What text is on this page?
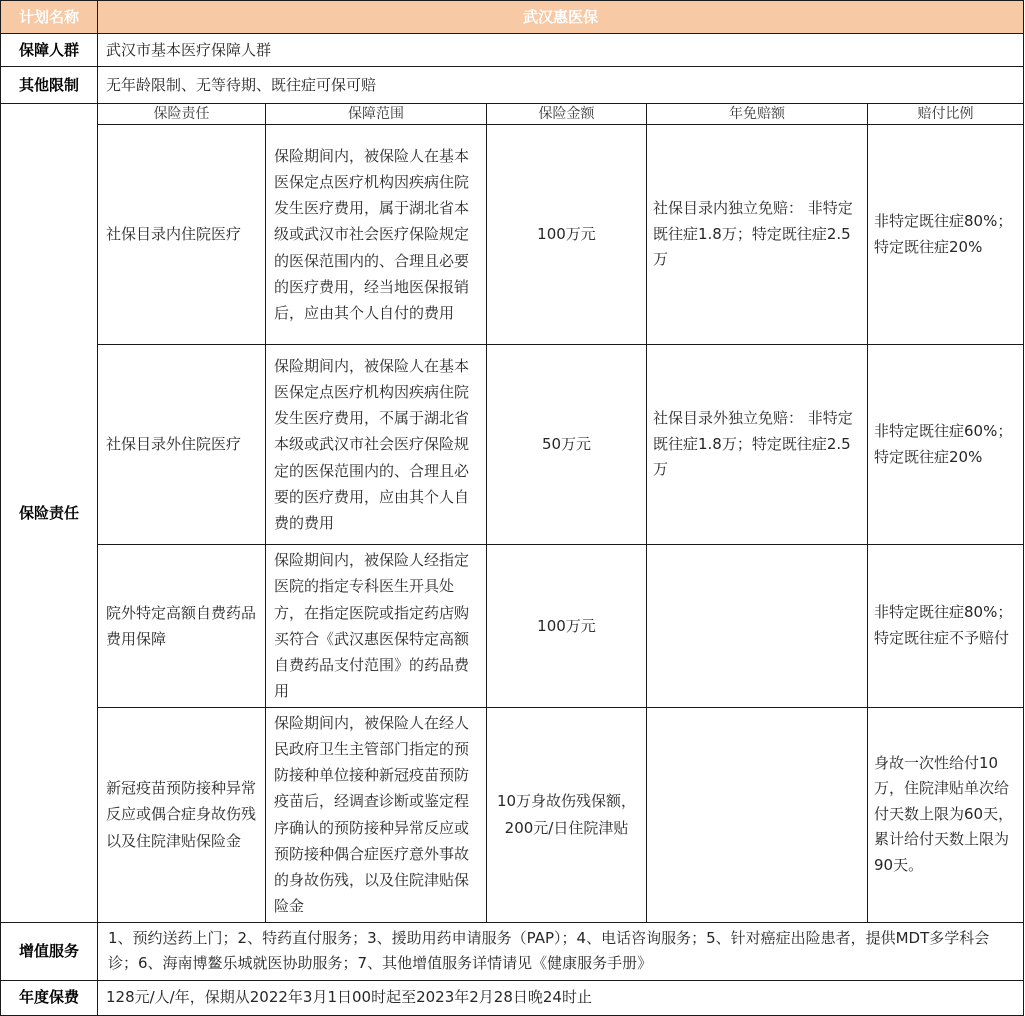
计划名称	武汉惠医保				
保障人群	武汉市基本医疗保障人群				
其他限制	无年龄限制、无等待期、既往症可保可赔				
保险责任	保险责任	保障范围	保险金额	年免赔额	赔付比例
	社保目录内住院医疗	保险期间内，被保险人在基本医保定点医疗机构因疾病住院发生医疗费用，属于湖北省本级或武汉市社会医疗保险规定的医保范围内的、合理且必要的医疗费用，经当地医保报销后，应由其个人自付的费用	100万元	社保目录内独立免赔： 非特定既往症1.8万；特定既往症2.5万	非特定既往症80%；特定既往症20%
	社保目录外住院医疗	保险期间内，被保险人在基本医保定点医疗机构因疾病住院发生医疗费用，不属于湖北省本级或武汉市社会医疗保险规定的医保范围内的、合理且必要的医疗费用，应由其个人自费的费用	50万元	社保目录外独立免赔： 非特定既往症1.8万；特定既往症2.5万	非特定既往症60%；特定既往症20%
	院外特定高额自费药品费用保障	保险期间内，被保险人经指定医院的指定专科医生开具处方，在指定医院或指定药店购买符合《武汉惠医保特定高额自费药品支付范围》的药品费用	100万元		非特定既往症80%；特定既往症不予赔付
	新冠疫苗预防接种异常反应或偶合症身故伤残以及住院津贴保险金	保险期间内，被保险人在经人民政府卫生主管部门指定的预防接种单位接种新冠疫苗预防疫苗后，经调查诊断或鉴定程序确认的预防接种异常反应或预防接种偶合症医疗意外事故的身故伤残，以及住院津贴保险金	10万身故伤残保额，200元/日住院津贴		身故一次性给付10万，住院津贴单次给付天数上限为60天，累计给付天数上限为90天。
增值服务	1、预约送药上门；2、特药直付服务；3、援助用药申请服务（PAP）；4、电话咨询服务；5、针对癌症出险患者，提供MDT多学科会诊；6、海南博鳌乐城就医协助服务；7、其他增值服务详情请见《健康服务手册》				
年度保费	128元/人/年，保期从2022年3月1日00时起至2023年2月28日晚24时止				
